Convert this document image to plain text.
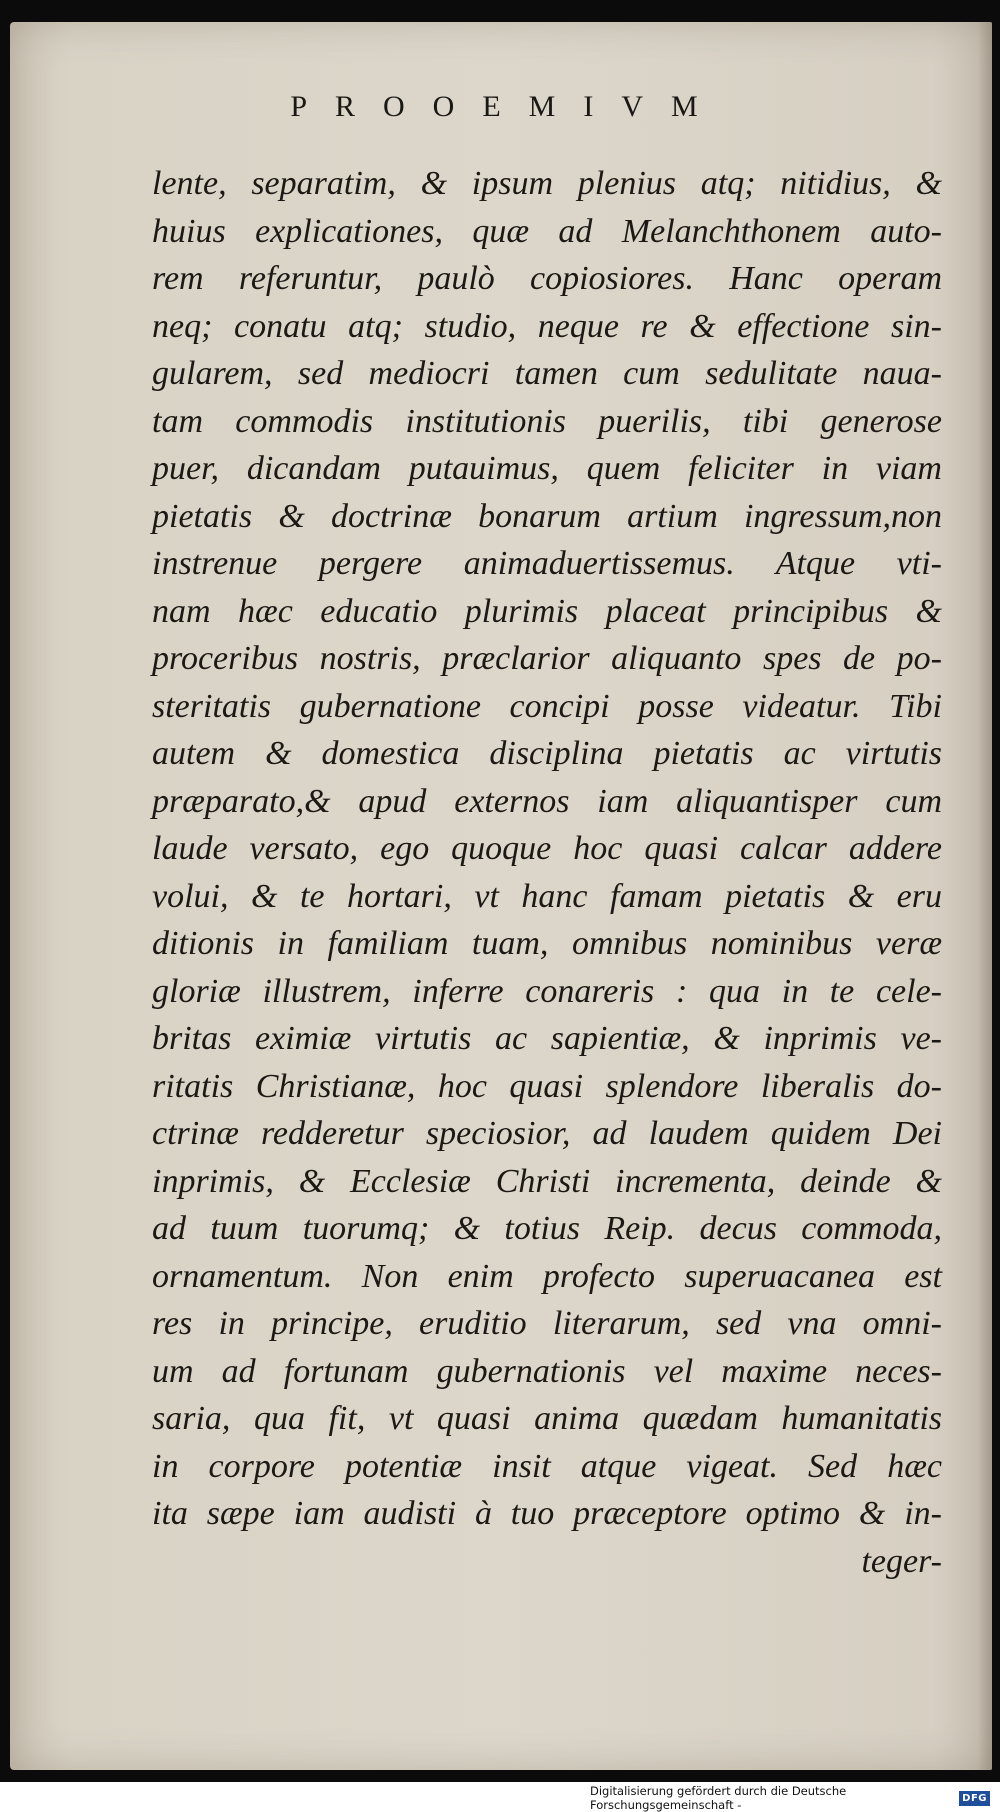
PROOEMIVM
lente, separatim, & ipsum plenius atq; nitidius, &
huius explicationes, quæ ad Melanchthonem auto-
rem referuntur, paulò copiosiores. Hanc operam
neq; conatu atq; studio, neque re & effectione sin-
gularem, sed mediocri tamen cum sedulitate naua-
tam commodis institutionis puerilis, tibi generose
puer, dicandam putauimus, quem feliciter in viam
pietatis & doctrinæ bonarum artium ingressum,non
instrenue pergere animaduertissemus. Atque vti-
nam hæc educatio plurimis placeat principibus &
proceribus nostris, præclarior aliquanto spes de po-
steritatis gubernatione concipi posse videatur. Tibi
autem & domestica disciplina pietatis ac virtutis
præparato,& apud externos iam aliquantisper cum
laude versato, ego quoque hoc quasi calcar addere
volui, & te hortari, vt hanc famam pietatis & eru
ditionis in familiam tuam, omnibus nominibus veræ
gloriæ illustrem, inferre conareris : qua in te cele-
britas eximiæ virtutis ac sapientiæ, & inprimis ve-
ritatis Christianæ, hoc quasi splendore liberalis do-
ctrinæ redderetur speciosior, ad laudem quidem Dei
inprimis, & Ecclesiæ Christi incrementa, deinde &
ad tuum tuorumq; & totius Reip. decus commoda,
ornamentum. Non enim profecto superuacanea est
res in principe, eruditio literarum, sed vna omni-
um ad fortunam gubernationis vel maxime neces-
saria, qua fit, vt quasi anima quædam humanitatis
in corpore potentiæ insit atque vigeat. Sed hæc
ita sæpe iam audisti à tuo præceptore optimo & in-
teger-
Digitalisierung gefördert durch die Deutsche Forschungsgemeinschaft -	DFG
